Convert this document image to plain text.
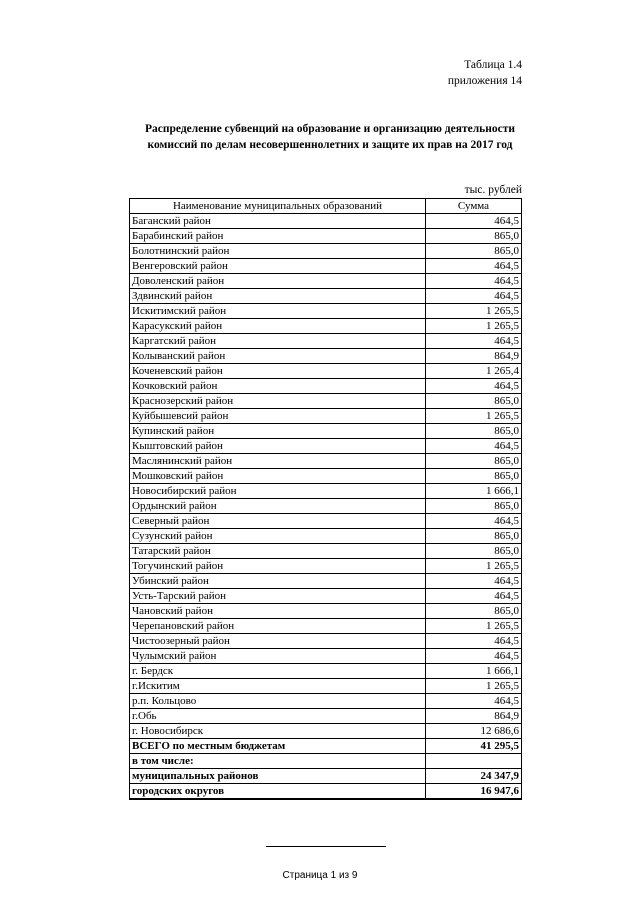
Таблица 1.4
приложения 14
Распределение субвенций на образование и организацию деятельности
комиссий по делам несовершеннолетних и защите их прав на 2017 год
тыс. рублей
Наименование муниципальных образований	Сумма
Баганский район	464,5
Барабинский район	865,0
Болотнинский район	865,0
Венгеровский район	464,5
Доволенский район	464,5
Здвинский район	464,5
Искитимский район	1 265,5
Карасукский район	1 265,5
Каргатский район	464,5
Колыванский район	864,9
Коченевский район	1 265,4
Кочковский район	464,5
Краснозерский район	865,0
Куйбышевсий район	1 265,5
Купинский район	865,0
Кыштовский район	464,5
Маслянинский район	865,0
Мошковский район	865,0
Новосибирский район	1 666,1
Ордынский район	865,0
Северный район	464,5
Сузунский район	865,0
Татарский район	865,0
Тогучинский район	1 265,5
Убинский район	464,5
Усть-Тарский район	464,5
Чановский район	865,0
Черепановский район	1 265,5
Чистоозерный район	464,5
Чулымский район	464,5
г. Бердск	1 666,1
г.Искитим	1 265,5
р.п. Кольцово	464,5
г.Обь	864,9
г. Новосибирск	12 686,6
ВСЕГО по местным бюджетам	41 295,5
в том числе:	
муниципальных районов	24 347,9
городских округов	16 947,6
Страница 1 из 9
